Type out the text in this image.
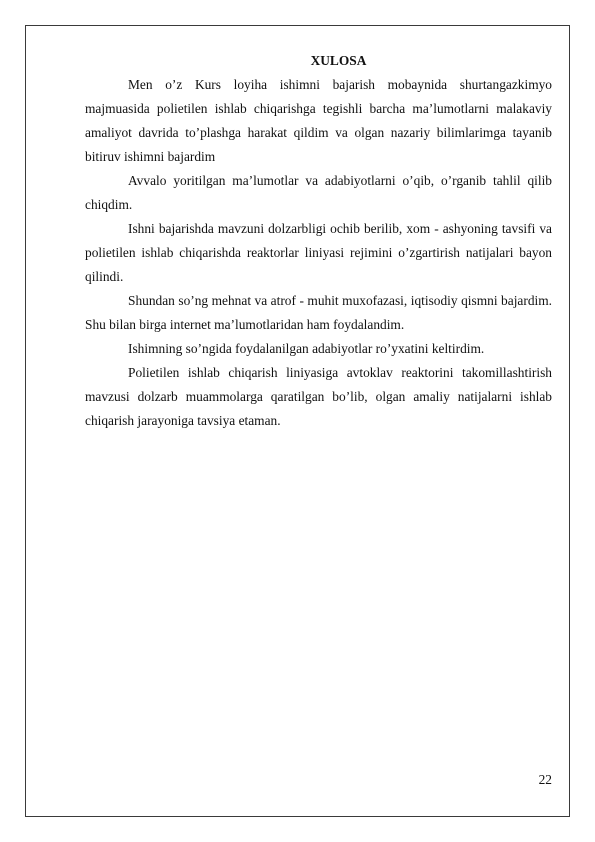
XULOSA

Men o’z Kurs loyiha ishimni bajarish mobaynida shurtangazkimyo majmuasida polietilen ishlab chiqarishga tegishli barcha ma’lumotlarni malakaviy amaliyot davrida to’plashga harakat qildim va olgan nazariy bilimlarimga tayanib bitiruv ishimni bajardim

Avvalo yoritilgan ma’lumotlar va adabiyotlarni o’qib, o’rganib tahlil qilib chiqdim.

Ishni bajarishda mavzuni dolzarbligi ochib berilib, xom - ashyoning tavsifi va polietilen ishlab chiqarishda reaktorlar liniyasi rejimini o’zgartirish natijalari bayon qilindi.

Shundan so’ng mehnat va atrof - muhit muxofazasi, iqtisodiy qismni bajardim. Shu bilan birga internet ma’lumotlaridan ham foydalandim.

Ishimning so’ngida foydalanilgan adabiyotlar ro’yxatini keltirdim.

Polietilen ishlab chiqarish liniyasiga avtoklav reaktorini takomillashtirish mavzusi dolzarb muammolarga qaratilgan bo’lib, olgan amaliy natijalarni ishlab chiqarish jarayoniga tavsiya etaman.

22
